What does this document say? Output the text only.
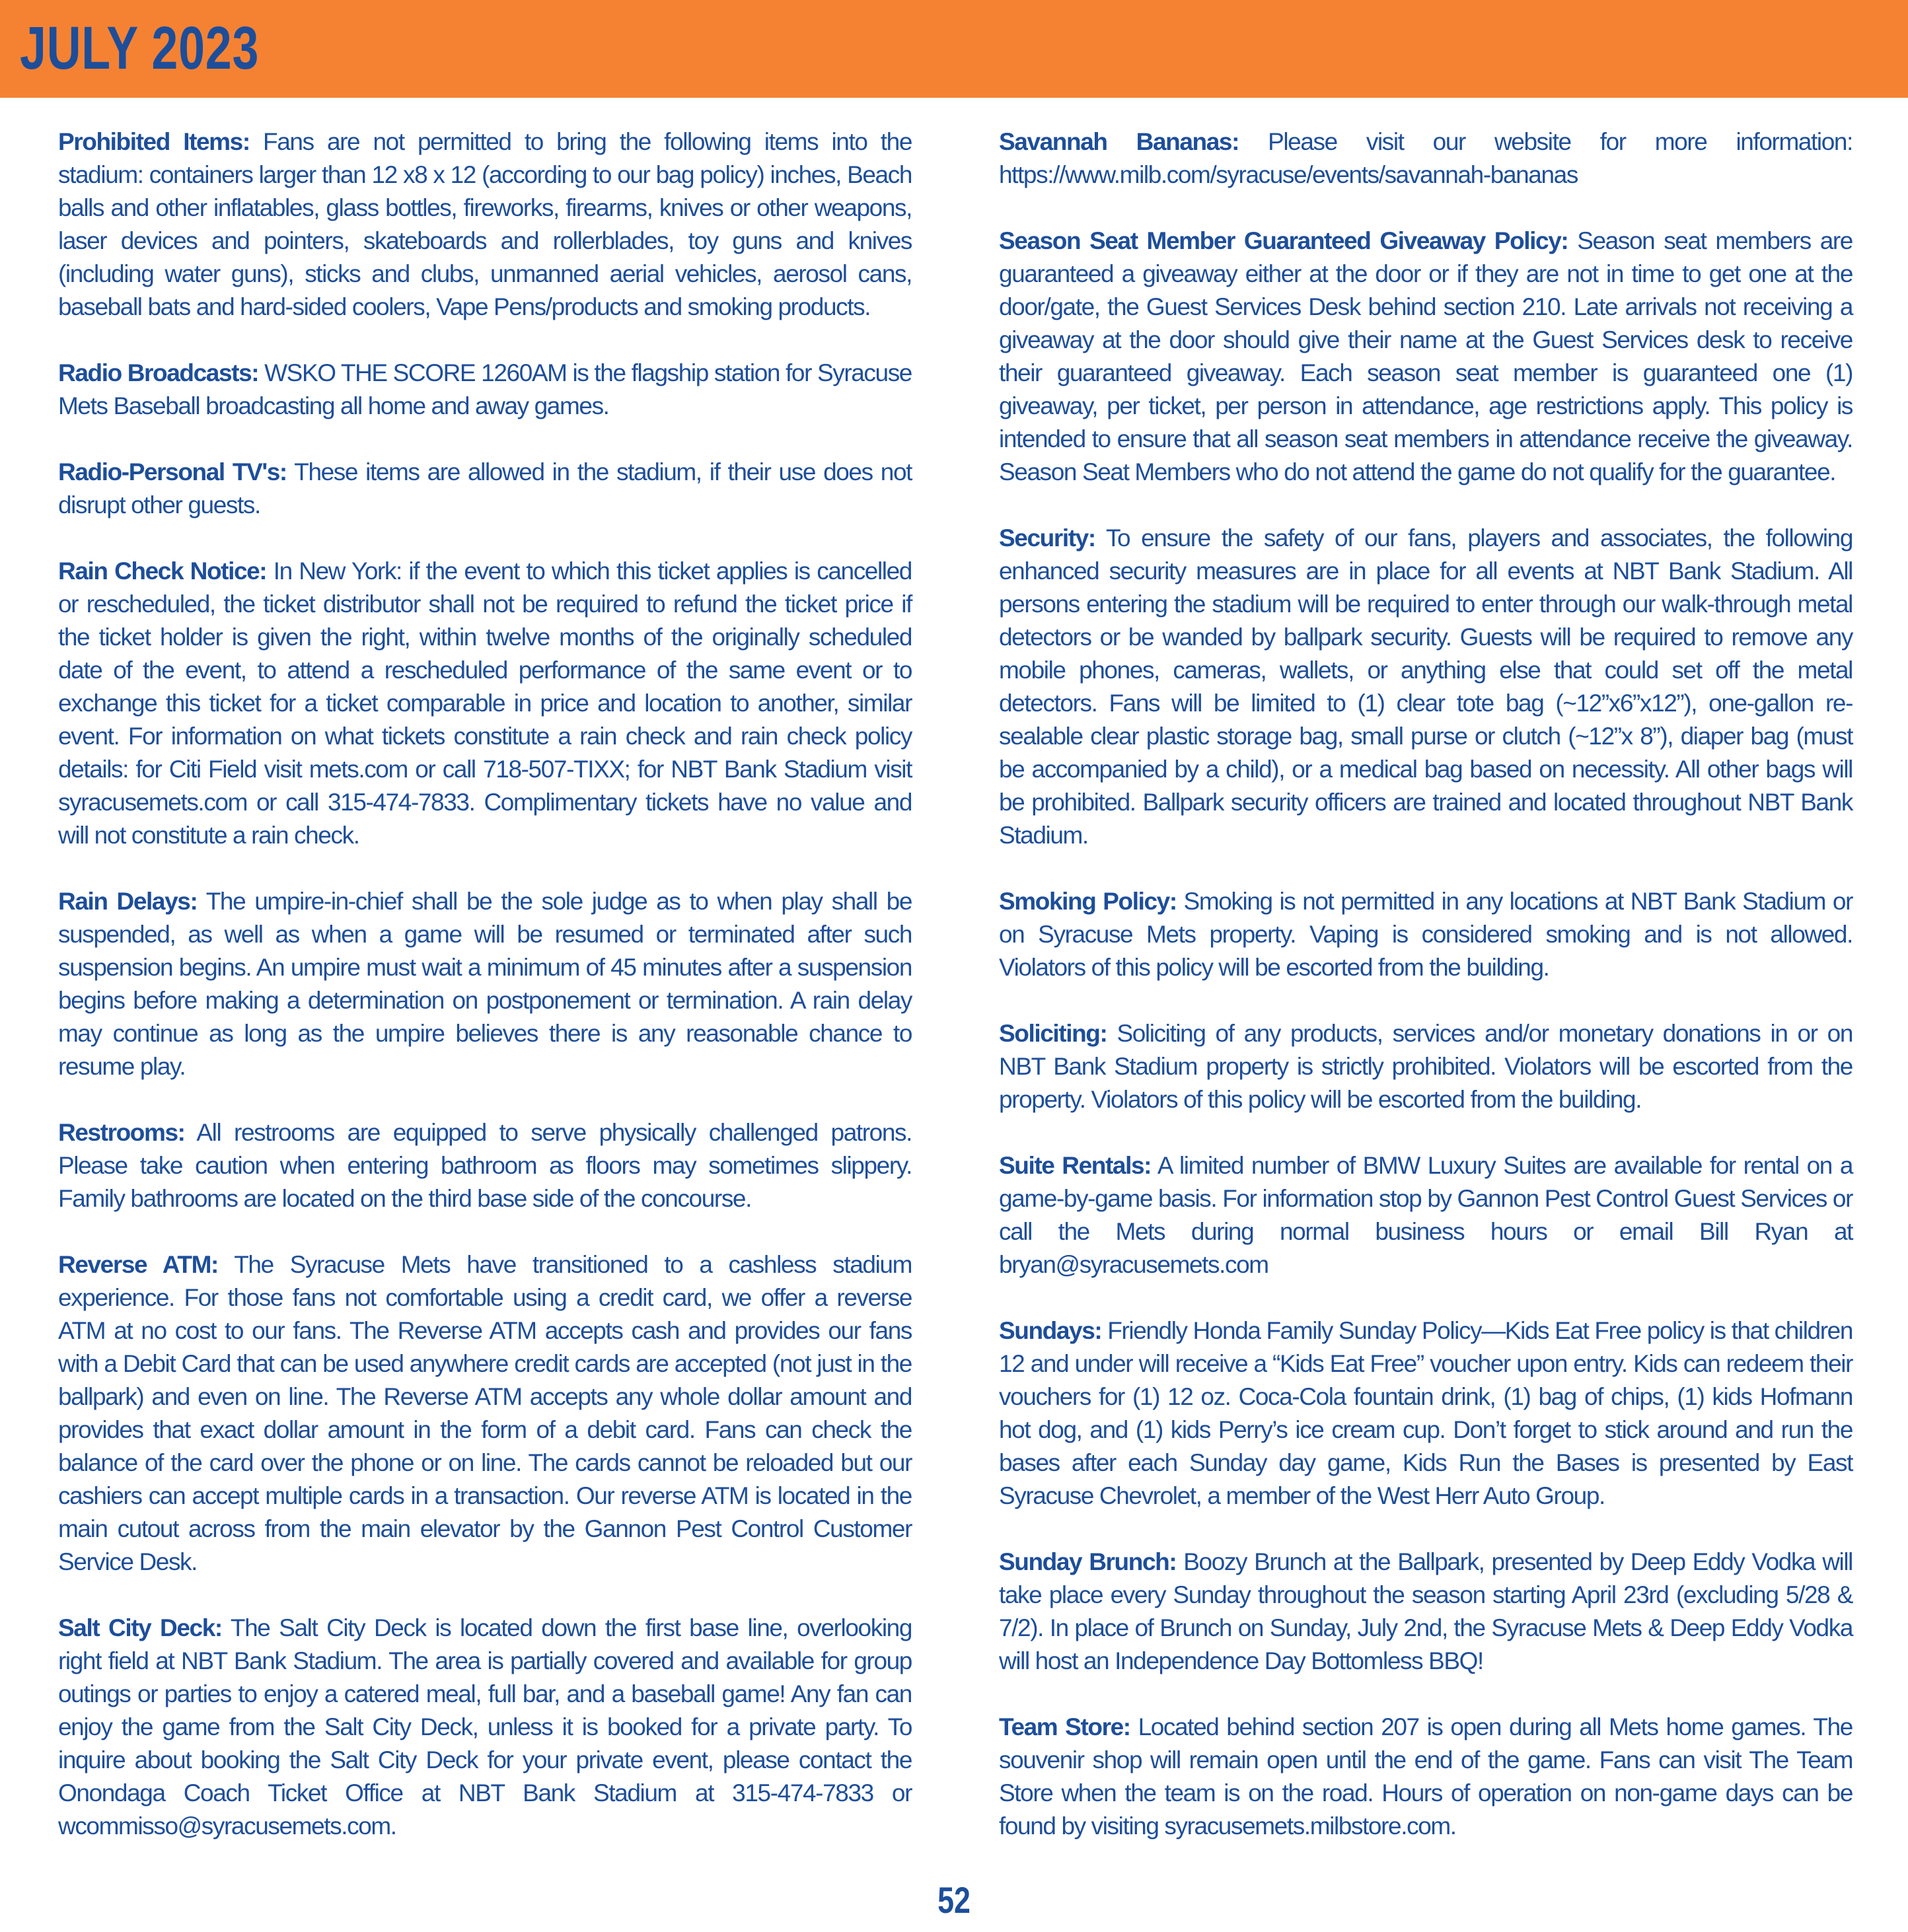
JULY 2023

Prohibited Items: Fans are not permitted to bring the following items into the stadium: containers larger than 12 x8 x 12 (according to our bag policy) inches, Beach balls and other inflatables, glass bottles, fireworks, firearms, knives or other weapons, laser devices and pointers, skateboards and rollerblades, toy guns and knives (including water guns), sticks and clubs, unmanned aerial vehicles, aerosol cans, baseball bats and hard-sided coolers, Vape Pens/products and smoking products.

Radio Broadcasts: WSKO THE SCORE 1260AM is the flagship station for Syracuse Mets Baseball broadcasting all home and away games.

Radio-Personal TV's: These items are allowed in the stadium, if their use does not disrupt other guests.

Rain Check Notice: In New York: if the event to which this ticket applies is cancelled or rescheduled, the ticket distributor shall not be required to refund the ticket price if the ticket holder is given the right, within twelve months of the originally scheduled date of the event, to attend a rescheduled performance of the same event or to exchange this ticket for a ticket comparable in price and location to another, similar event. For information on what tickets constitute a rain check and rain check policy details: for Citi Field visit mets.com or call 718-507-TIXX; for NBT Bank Stadium visit syracusemets.com or call 315-474-7833. Complimentary tickets have no value and will not constitute a rain check.

Rain Delays: The umpire-in-chief shall be the sole judge as to when play shall be suspended, as well as when a game will be resumed or terminated after such suspension begins. An umpire must wait a minimum of 45 minutes after a suspension begins before making a determination on postponement or termination. A rain delay may continue as long as the umpire believes there is any reasonable chance to resume play.

Restrooms: All restrooms are equipped to serve physically challenged patrons. Please take caution when entering bathroom as floors may sometimes slippery. Family bathrooms are located on the third base side of the concourse.

Reverse ATM: The Syracuse Mets have transitioned to a cashless stadium experience. For those fans not comfortable using a credit card, we offer a reverse ATM at no cost to our fans. The Reverse ATM accepts cash and provides our fans with a Debit Card that can be used anywhere credit cards are accepted (not just in the ballpark) and even on line. The Reverse ATM accepts any whole dollar amount and provides that exact dollar amount in the form of a debit card. Fans can check the balance of the card over the phone or on line. The cards cannot be reloaded but our cashiers can accept multiple cards in a transaction. Our reverse ATM is located in the main cutout across from the main elevator by the Gannon Pest Control Customer Service Desk.

Salt City Deck: The Salt City Deck is located down the first base line, overlooking right field at NBT Bank Stadium. The area is partially covered and available for group outings or parties to enjoy a catered meal, full bar, and a baseball game! Any fan can enjoy the game from the Salt City Deck, unless it is booked for a private party. To inquire about booking the Salt City Deck for your private event, please contact the Onondaga Coach Ticket Office at NBT Bank Stadium at 315-474-7833 or wcommisso@syracusemets.com.

Savannah Bananas: Please visit our website for more information: https://www.milb.com/syracuse/events/savannah-bananas

Season Seat Member Guaranteed Giveaway Policy: Season seat members are guaranteed a giveaway either at the door or if they are not in time to get one at the door/gate, the Guest Services Desk behind section 210. Late arrivals not receiving a giveaway at the door should give their name at the Guest Services desk to receive their guaranteed giveaway. Each season seat member is guaranteed one (1) giveaway, per ticket, per person in attendance, age restrictions apply. This policy is intended to ensure that all season seat members in attendance receive the giveaway. Season Seat Members who do not attend the game do not qualify for the guarantee.

Security: To ensure the safety of our fans, players and associates, the following enhanced security measures are in place for all events at NBT Bank Stadium. All persons entering the stadium will be required to enter through our walk-through metal detectors or be wanded by ballpark security. Guests will be required to remove any mobile phones, cameras, wallets, or anything else that could set off the metal detectors. Fans will be limited to (1) clear tote bag (~12”x6”x12”), one-gallon re-sealable clear plastic storage bag, small purse or clutch (~12”x 8”), diaper bag (must be accompanied by a child), or a medical bag based on necessity. All other bags will be prohibited. Ballpark security officers are trained and located throughout NBT Bank Stadium.

Smoking Policy: Smoking is not permitted in any locations at NBT Bank Stadium or on Syracuse Mets property. Vaping is considered smoking and is not allowed. Violators of this policy will be escorted from the building.

Soliciting: Soliciting of any products, services and/or monetary donations in or on NBT Bank Stadium property is strictly prohibited. Violators will be escorted from the property. Violators of this policy will be escorted from the building.

Suite Rentals: A limited number of BMW Luxury Suites are available for rental on a game-by-game basis. For information stop by Gannon Pest Control Guest Services or call the Mets during normal business hours or email Bill Ryan at bryan@syracusemets.com

Sundays: Friendly Honda Family Sunday Policy—Kids Eat Free policy is that children 12 and under will receive a “Kids Eat Free” voucher upon entry. Kids can redeem their vouchers for (1) 12 oz. Coca-Cola fountain drink, (1) bag of chips, (1) kids Hofmann hot dog, and (1) kids Perry’s ice cream cup. Don’t forget to stick around and run the bases after each Sunday day game, Kids Run the Bases is presented by East Syracuse Chevrolet, a member of the West Herr Auto Group.

Sunday Brunch: Boozy Brunch at the Ballpark, presented by Deep Eddy Vodka will take place every Sunday throughout the season starting April 23rd (excluding 5/28 & 7/2). In place of Brunch on Sunday, July 2nd, the Syracuse Mets & Deep Eddy Vodka will host an Independence Day Bottomless BBQ!

Team Store: Located behind section 207 is open during all Mets home games. The souvenir shop will remain open until the end of the game. Fans can visit The Team Store when the team is on the road. Hours of operation on non-game days can be found by visiting syracusemets.milbstore.com.

52
